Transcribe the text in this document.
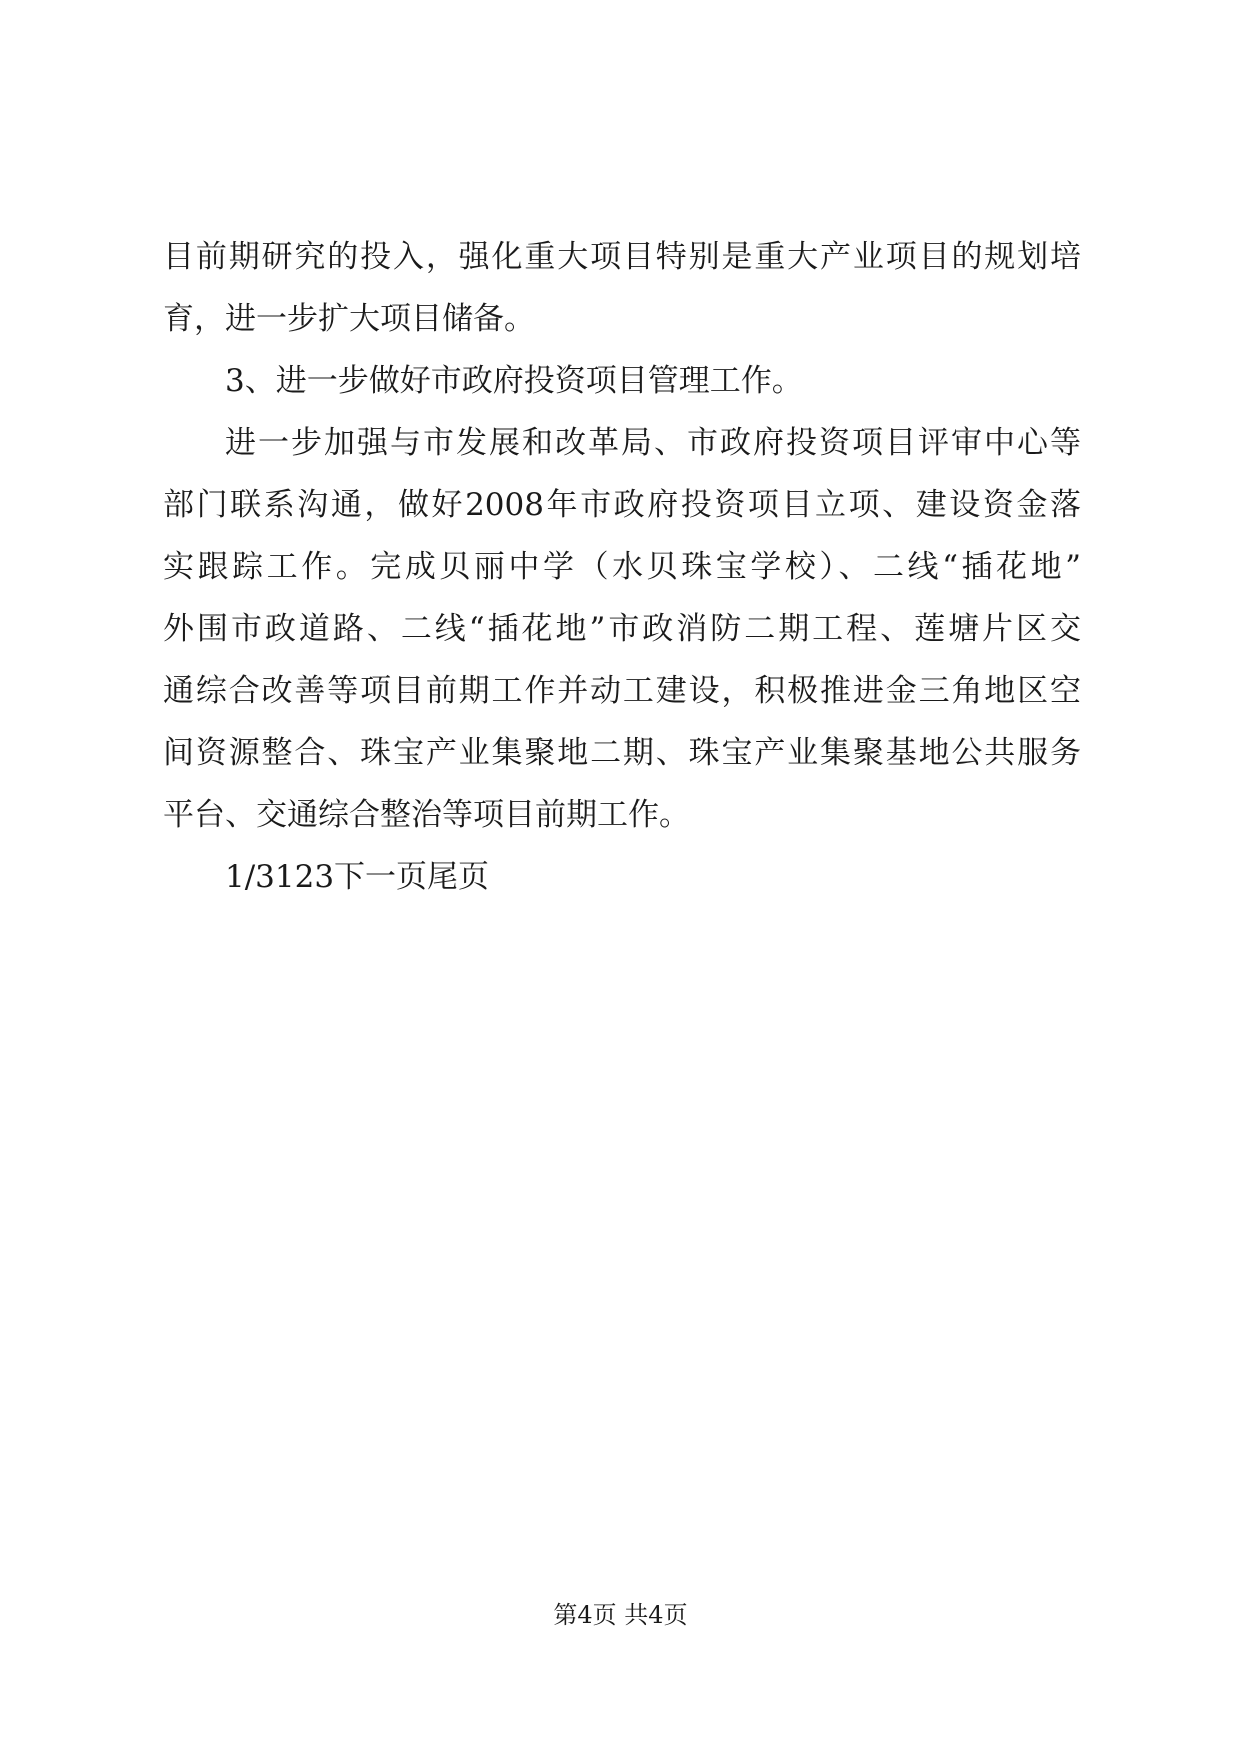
目前期研究的投入，强化重大项目特别是重大产业项目的规划培
育，进一步扩大项目储备。
3、进一步做好市政府投资项目管理工作。
进一步加强与市发展和改革局、市政府投资项目评审中心等
部门联系沟通，做好2008年市政府投资项目立项、建设资金落
实跟踪工作。完成贝丽中学（水贝珠宝学校）、二线“插花地”
外围市政道路、二线“插花地”市政消防二期工程、莲塘片区交
通综合改善等项目前期工作并动工建设，积极推进金三角地区空
间资源整合、珠宝产业集聚地二期、珠宝产业集聚基地公共服务
平台、交通综合整治等项目前期工作。
1/3123下一页尾页
第4页 共4页
